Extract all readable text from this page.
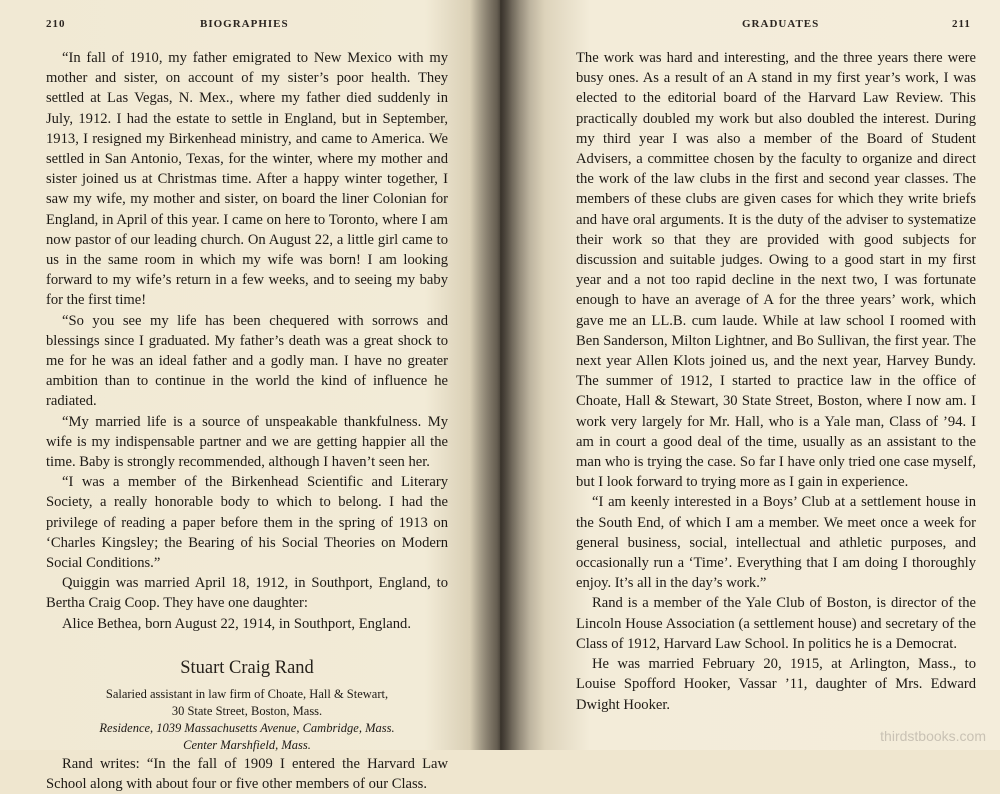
210	BIOGRAPHIES

“In fall of 1910, my father emigrated to New Mexico with my mother and sister, on account of my sister’s poor health. They settled at Las Vegas, N. Mex., where my father died suddenly in July, 1912. I had the estate to settle in England, but in September, 1913, I resigned my Birkenhead ministry, and came to America. We settled in San Antonio, Texas, for the winter, where my mother and sister joined us at Christmas time. After a happy winter together, I saw my wife, my mother and sister, on board the liner Colonian for England, in April of this year. I came on here to Toronto, where I am now pastor of our leading church. On August 22, a little girl came to us in the same room in which my wife was born! I am looking forward to my wife’s return in a few weeks, and to seeing my baby for the first time!

“So you see my life has been chequered with sorrows and blessings since I graduated. My father’s death was a great shock to me for he was an ideal father and a godly man. I have no greater ambition than to continue in the world the kind of influence he radiated.

“My married life is a source of unspeakable thankfulness. My wife is my indispensable partner and we are getting happier all the time. Baby is strongly recommended, although I haven’t seen her.

“I was a member of the Birkenhead Scientific and Literary Society, a really honorable body to which to belong. I had the privilege of reading a paper before them in the spring of 1913 on ‘Charles Kingsley; the Bearing of his Social Theories on Modern Social Conditions.”

Quiggin was married April 18, 1912, in Southport, England, to Bertha Craig Coop. They have one daughter:

Alice Bethea, born August 22, 1914, in Southport, England.

Stuart Craig Rand
Salaried assistant in law firm of Choate, Hall & Stewart,
30 State Street, Boston, Mass.
Residence, 1039 Massachusetts Avenue, Cambridge, Mass.
Center Marshfield, Mass.

Rand writes: “In the fall of 1909 I entered the Harvard Law School along with about four or five other members of our Class.

GRADUATES	211

The work was hard and interesting, and the three years there were busy ones. As a result of an A stand in my first year’s work, I was elected to the editorial board of the Harvard Law Review. This practically doubled my work but also doubled the interest. During my third year I was also a member of the Board of Student Advisers, a committee chosen by the faculty to organize and direct the work of the law clubs in the first and second year classes. The members of these clubs are given cases for which they write briefs and have oral arguments. It is the duty of the adviser to systematize their work so that they are provided with good subjects for discussion and suitable judges. Owing to a good start in my first year and a not too rapid decline in the next two, I was fortunate enough to have an average of A for the three years’ work, which gave me an LL.B. cum laude. While at law school I roomed with Ben Sanderson, Milton Lightner, and Bo Sullivan, the first year. The next year Allen Klots joined us, and the next year, Harvey Bundy. The summer of 1912, I started to practice law in the office of Choate, Hall & Stewart, 30 State Street, Boston, where I now am. I work very largely for Mr. Hall, who is a Yale man, Class of ’94. I am in court a good deal of the time, usually as an assistant to the man who is trying the case. So far I have only tried one case myself, but I look forward to trying more as I gain in experience.

“I am keenly interested in a Boys’ Club at a settlement house in the South End, of which I am a member. We meet once a week for general business, social, intellectual and athletic purposes, and occasionally run a ‘Time’. Everything that I am doing I thoroughly enjoy. It’s all in the day’s work.”

Rand is a member of the Yale Club of Boston, is director of the Lincoln House Association (a settlement house) and secretary of the Class of 1912, Harvard Law School. In politics he is a Democrat.

He was married February 20, 1915, at Arlington, Mass., to Louise Spofford Hooker, Vassar ’11, daughter of Mrs. Edward Dwight Hooker.

thirdstbooks.com
